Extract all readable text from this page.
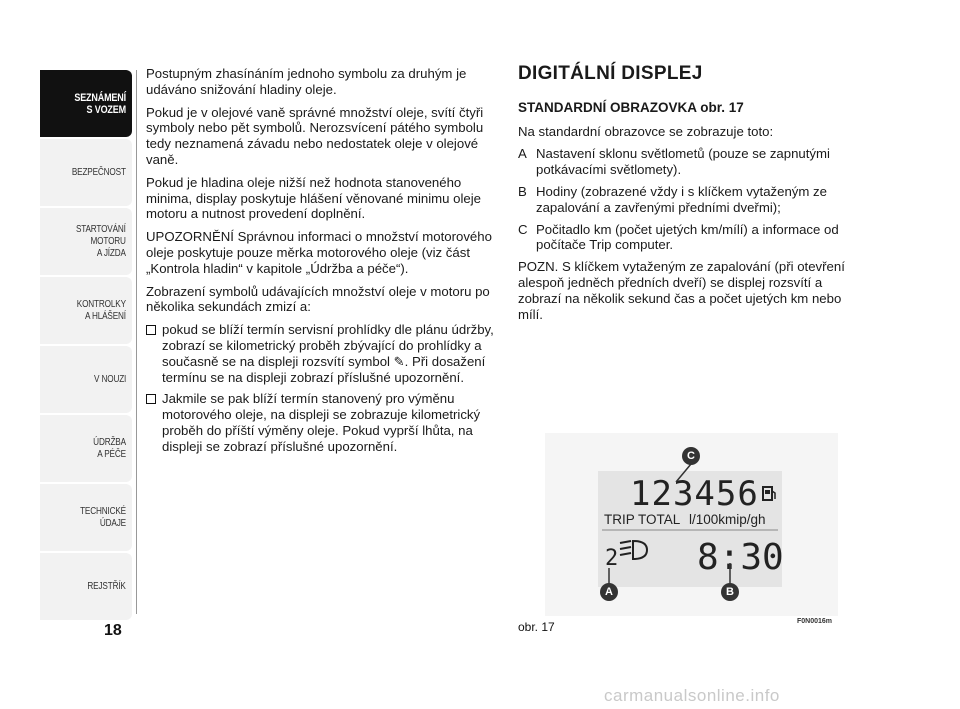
SEZNÁMENÍ
S VOZEM
BEZPEČNOST
STARTOVÁNÍ
MOTORU
A JÍZDA
KONTROLKY
A HLÁŠENÍ
V NOUZI
ÚDRŽBA
A PÉČE
TECHNICKÉ
ÚDAJE
REJSTŘÍK
18

Postupným zhasínáním jednoho symbolu za druhým je udáváno snižování hladiny oleje.

Pokud je v olejové vaně správné množství oleje, svítí čtyři symboly nebo pět symbolů. Nerozsvícení pátého symbolu tedy neznamená závadu nebo nedostatek oleje v olejové vaně.

Pokud je hladina oleje nižší než hodnota stanoveného minima, display poskytuje hlášení věnované minimu oleje motoru a nutnost provedení doplnění.

UPOZORNĚNÍ Správnou informaci o množství motorového oleje poskytuje pouze měrka motorového oleje (viz část „Kontrola hladin“ v kapitole „Údržba a péče“).

Zobrazení symbolů udávajících množství oleje v motoru po několika sekundách zmizí a:

pokud se blíží termín servisní prohlídky dle plánu údržby, zobrazí se kilometrický proběh zbývající do prohlídky a současně se na displeji rozsvítí symbol ✎. Při dosažení termínu se na displeji zobrazí příslušné upozornění.
Jakmile se pak blíží termín stanovený pro výměnu motorového oleje, na displeji se zobrazuje kilometrický proběh do příští výměny oleje. Pokud vyprší lhůta, na displeji se zobrazí příslušné upozornění.
DIGITÁLNÍ DISPLEJ
STANDARDNÍ OBRAZOVKA obr. 17

Na standardní obrazovce se zobrazuje toto:

A Nastavení sklonu světlometů (pouze se zapnutými potkávacími světlomety).
B Hodiny (zobrazené vždy i s klíčkem vytaženým ze zapalování a zavřenými předními dveřmi);
C Počitadlo km (počet ujetých km/mílí) a informace od počítače Trip computer.

POZN. S klíčkem vytaženým ze zapalování (při otevření alespoň jedněch předních dveří) se displej rozsvítí a zobrazí na několik sekund čas a počet ujetých km nebo mílí.

123456
TRIP TOTAL l/100kmip/gh
2 8:30
C
A	B
obr. 17	F0N0016m
carmanualsonline.info
